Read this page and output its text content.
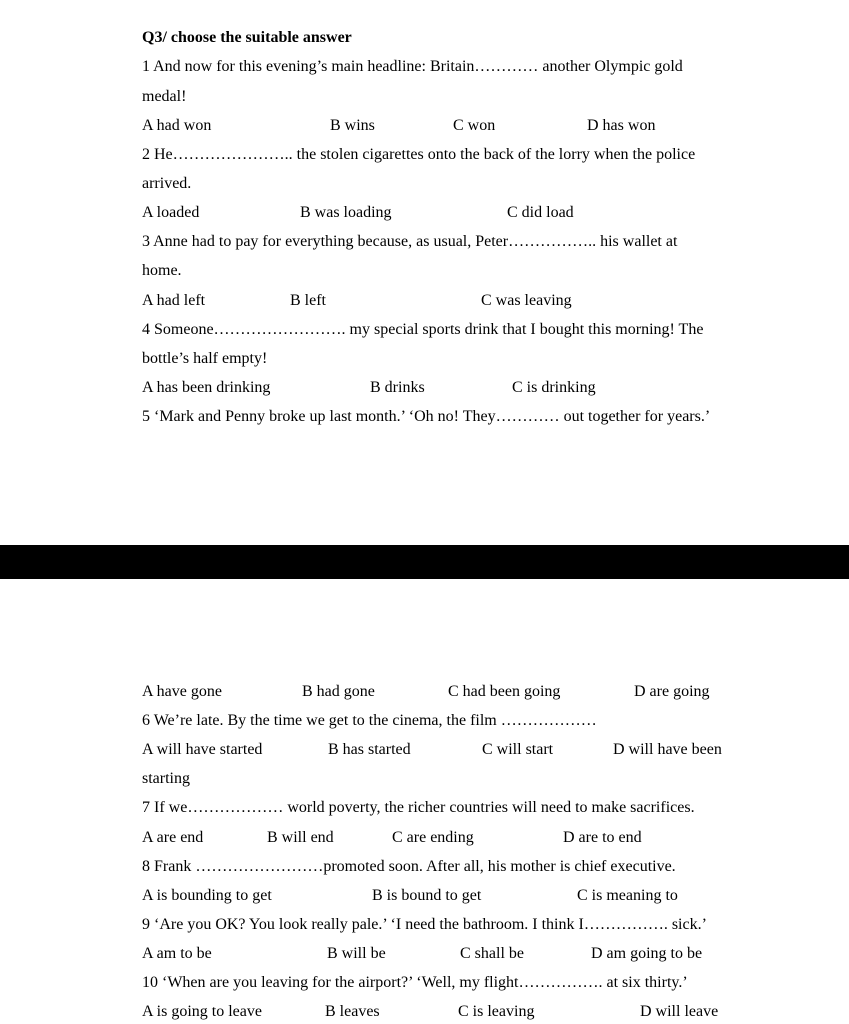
Q3/ choose the suitable answer
1 And now for this evening’s main headline: Britain………… another Olympic gold
medal!
A had won	B wins	C won	D has won
2 He………………….. the stolen cigarettes onto the back of the lorry when the police
arrived.
A loaded	B was loading	C did load
3 Anne had to pay for everything because, as usual, Peter…………….. his wallet at
home.
A had left	B left	C was leaving
4 Someone……………………. my special sports drink that I bought this morning! The
bottle’s half empty!
A has been drinking	B drinks	C is drinking
5 ‘Mark and Penny broke up last month.’ ‘Oh no! They………… out together for years.’
A have gone	B had gone	C had been going	D are going
6 We’re late. By the time we get to the cinema, the film ………………
A will have started	B has started	C will start	D will have been
starting
7 If we……………… world poverty, the richer countries will need to make sacrifices.
A are end	B will end	C are ending	D are to end
8 Frank ……………………promoted soon. After all, his mother is chief executive.
A is bounding to get	B is bound to get	C is meaning to
9 ‘Are you OK? You look really pale.’ ‘I need the bathroom. I think I……………. sick.’
A am to be	B will be	C shall be	D am going to be
10 ‘When are you leaving for the airport?’ ‘Well, my flight……………. at six thirty.’
A is going to leave	B leaves	C is leaving	D will leave
